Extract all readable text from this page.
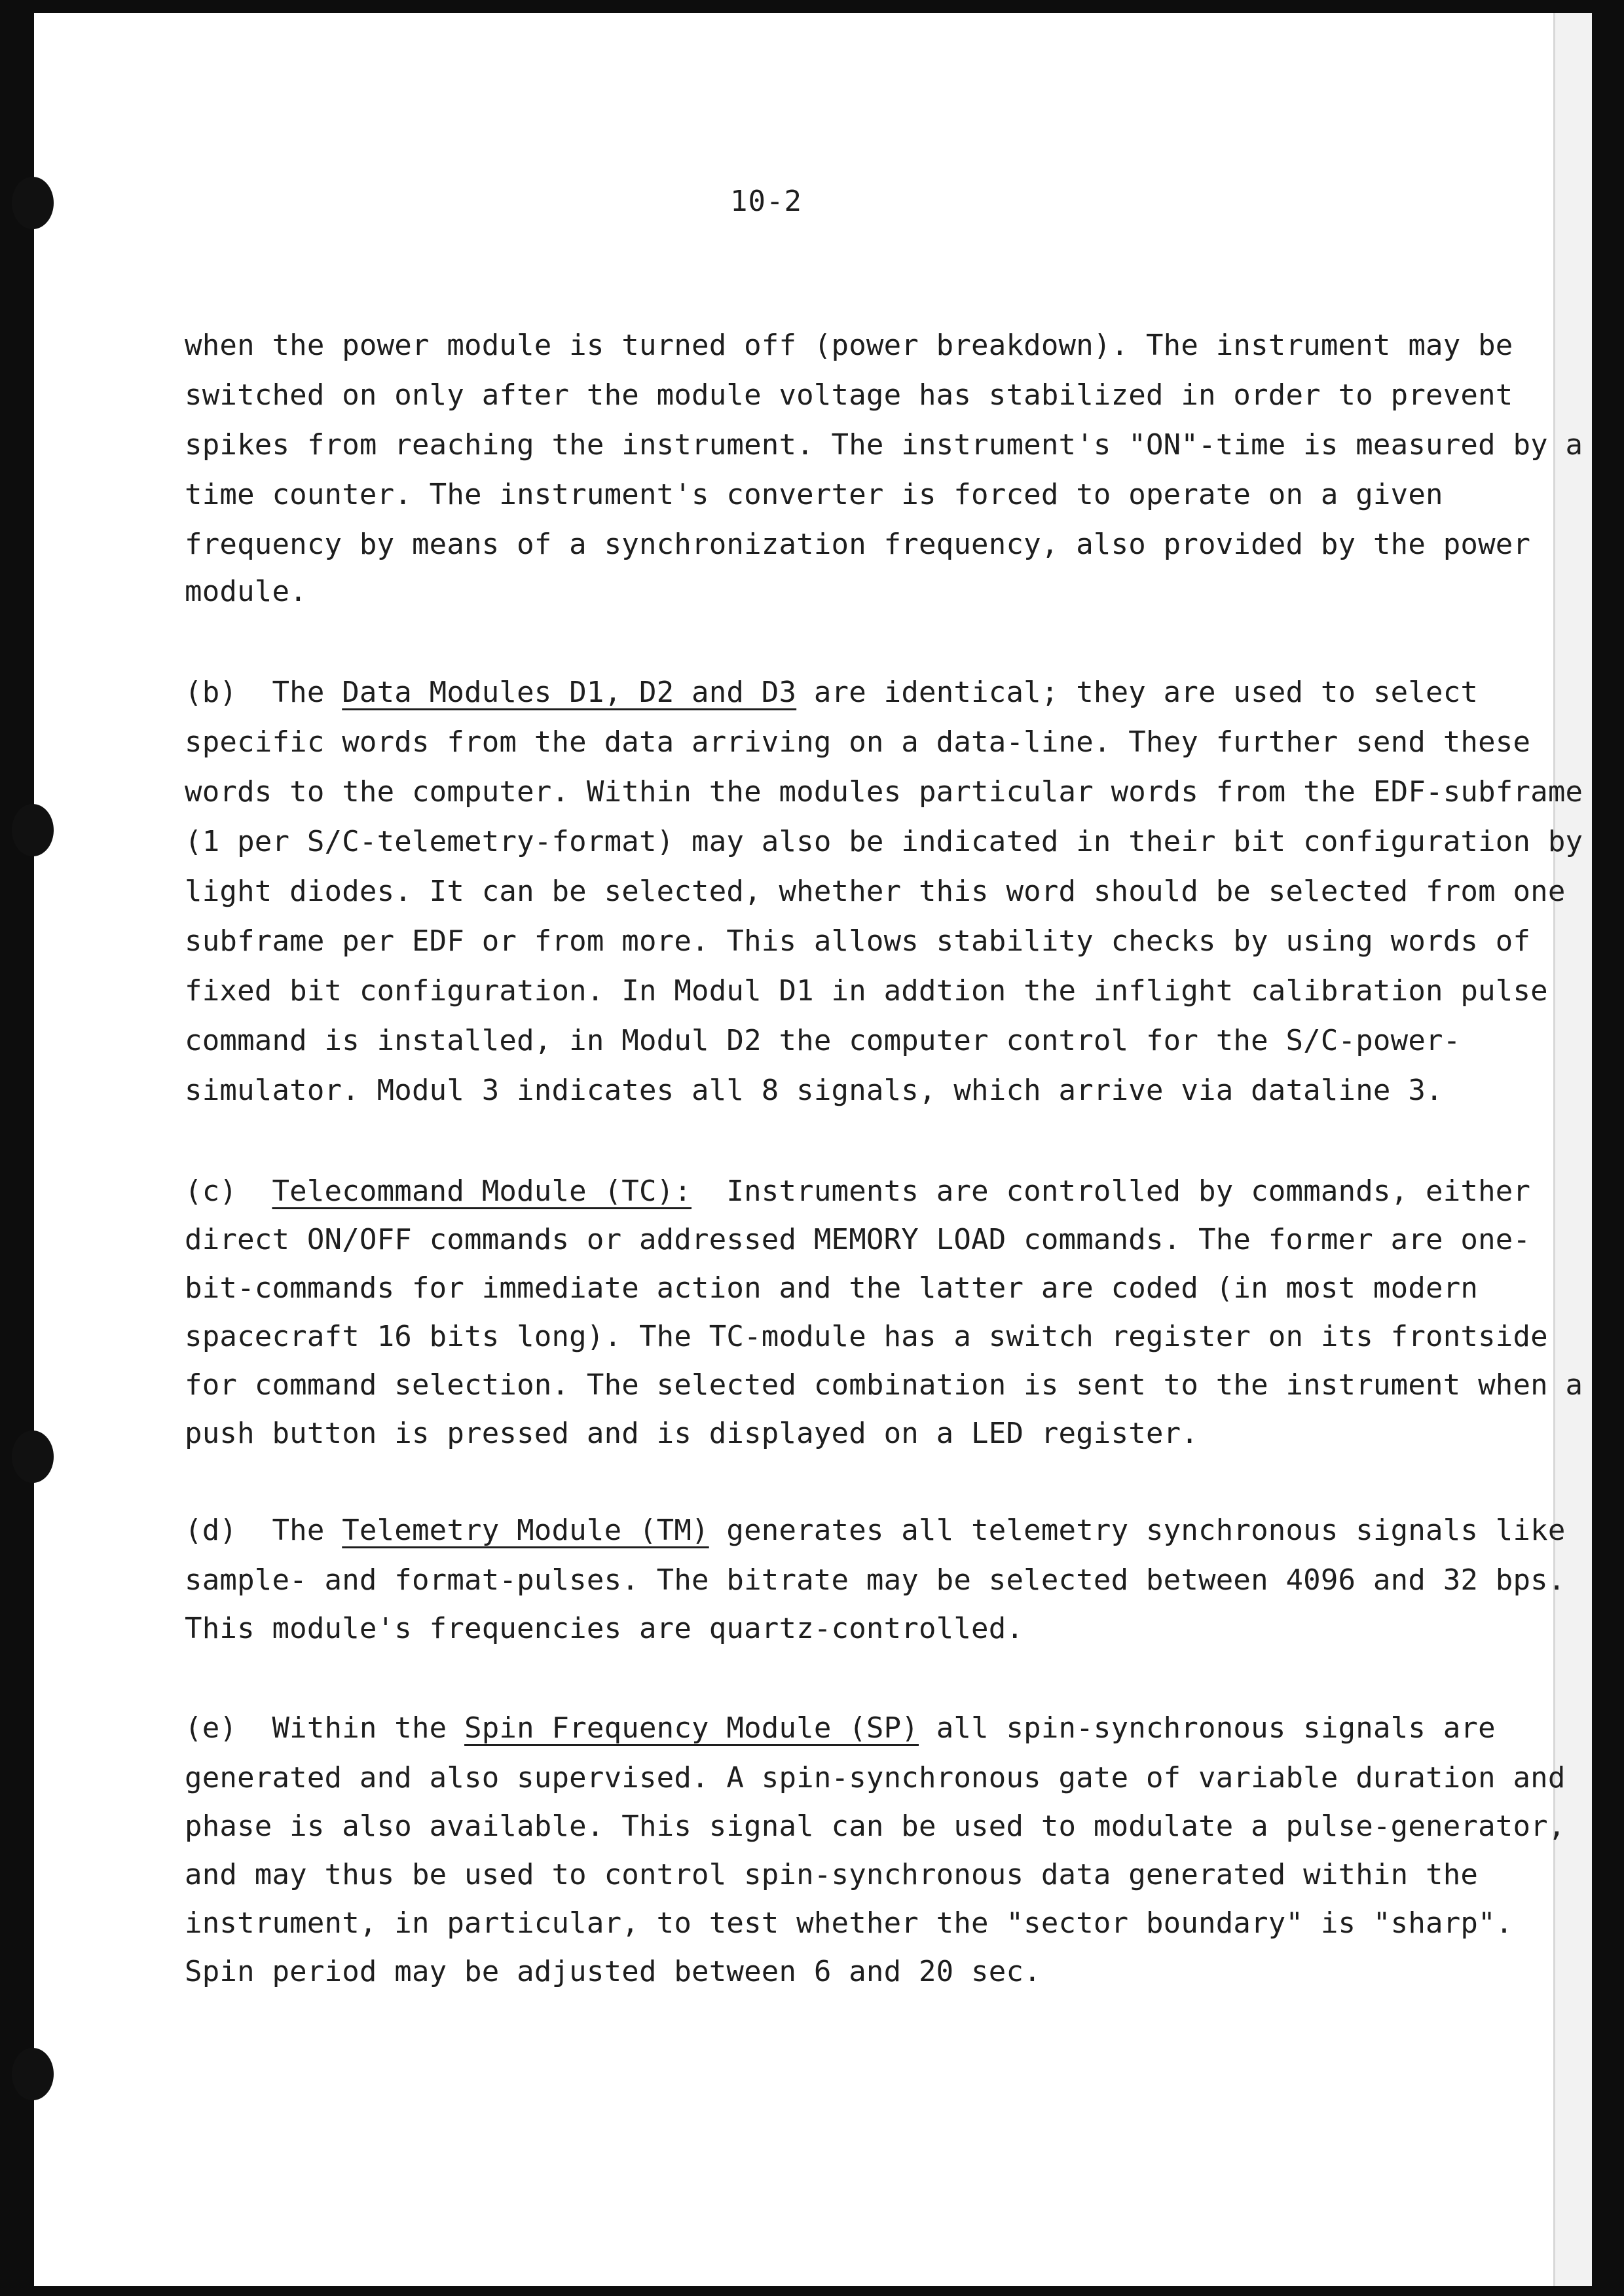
10-2

when the power module is turned off (power breakdown). The instrument may be

switched on only after the module voltage has stabilized in order to prevent

spikes from reaching the instrument. The instrument's "ON"-time is measured by a

time counter. The instrument's converter is forced to operate on a given

frequency by means of a synchronization frequency, also provided by the power

module.

(b)  The Data Modules D1, D2 and D3 are identical; they are used to select

specific words from the data arriving on a data-line. They further send these

words to the computer. Within the modules particular words from the EDF-subframe

(1 per S/C-telemetry-format) may also be indicated in their bit configuration by

light diodes. It can be selected, whether this word should be selected from one

subframe per EDF or from more. This allows stability checks by using words of

fixed bit configuration. In Modul D1 in addtion the inflight calibration pulse

command is installed, in Modul D2 the computer control for the S/C-power-

simulator. Modul 3 indicates all 8 signals, which arrive via dataline 3.

(c)  Telecommand Module (TC):  Instruments are controlled by commands, either

direct ON/OFF commands or addressed MEMORY LOAD commands. The former are one-

bit-commands for immediate action and the latter are coded (in most modern

spacecraft 16 bits long). The TC-module has a switch register on its frontside

for command selection. The selected combination is sent to the instrument when a

push button is pressed and is displayed on a LED register.

(d)  The Telemetry Module (TM) generates all telemetry synchronous signals like

sample- and format-pulses. The bitrate may be selected between 4096 and 32 bps.

This module's frequencies are quartz-controlled.

(e)  Within the Spin Frequency Module (SP) all spin-synchronous signals are

generated and also supervised. A spin-synchronous gate of variable duration and

phase is also available. This signal can be used to modulate a pulse-generator,

and may thus be used to control spin-synchronous data generated within the

instrument, in particular, to test whether the "sector boundary" is "sharp".

Spin period may be adjusted between 6 and 20 sec.
